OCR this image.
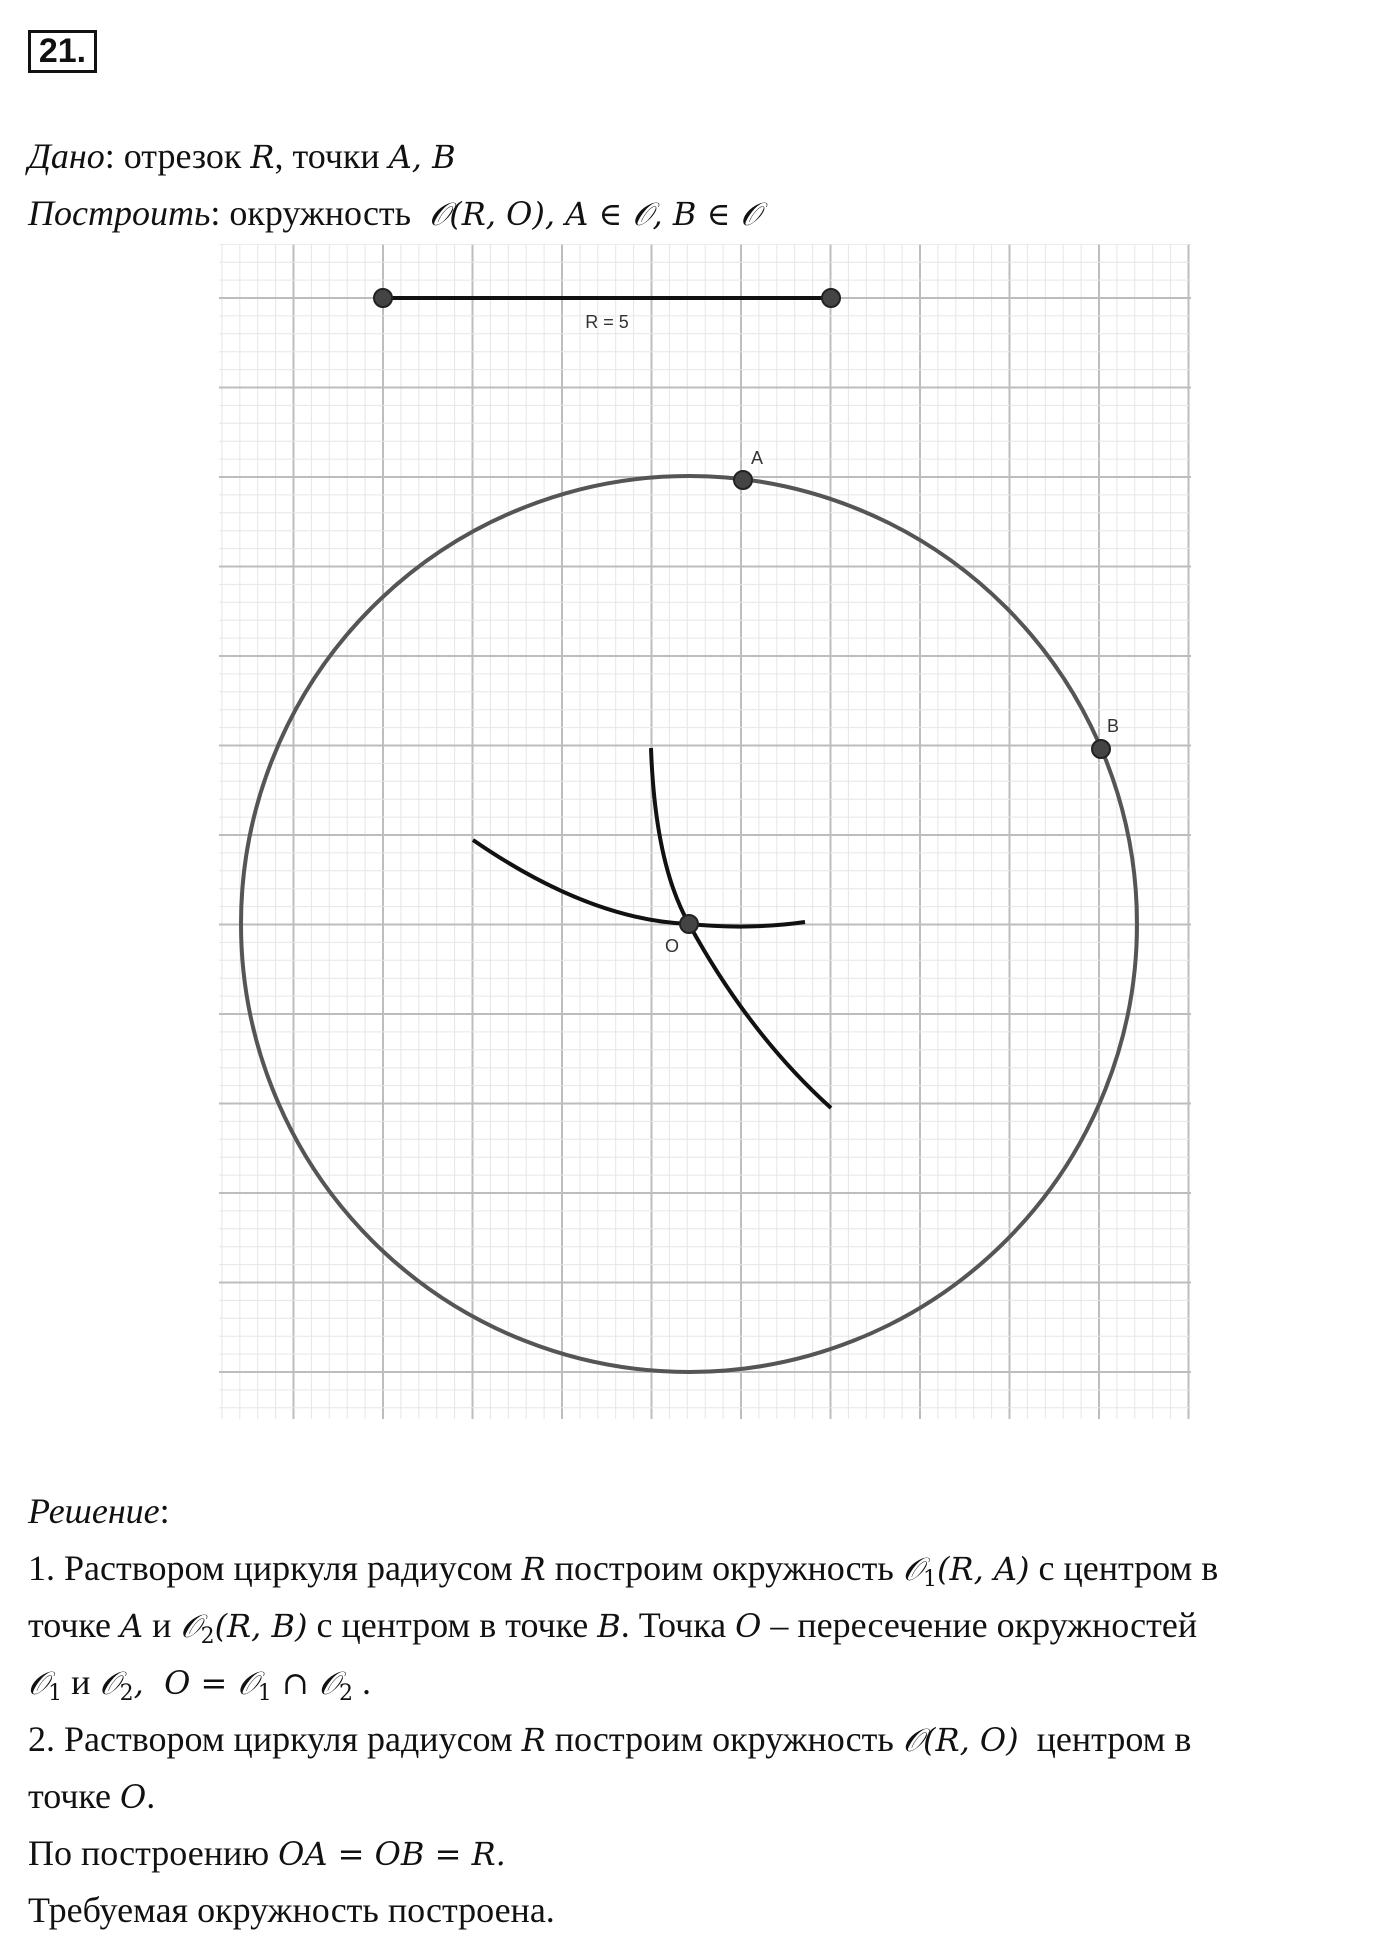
21.
Дано: отрезок R, точки A, B
Построить: окружность 𝒪(R, O), A ∈ 𝒪, B ∈ 𝒪
R = 5
A
B
O
Решение:
1. Раствором циркуля радиусом R построим окружность 𝒪$_1$(R, A) с центром в
точке A и 𝒪$_2$(R, B) с центром в точке B. Точка O – пересечение окружностей
𝒪$_1$ и 𝒪$_2$,  O = 𝒪$_1$ ∩ 𝒪$_2$ .
2. Раствором циркуля радиусом R построим окружность 𝒪(R, O) центром в
точке O.
По построению OA = OB = R.
Требуемая окружность построена.
